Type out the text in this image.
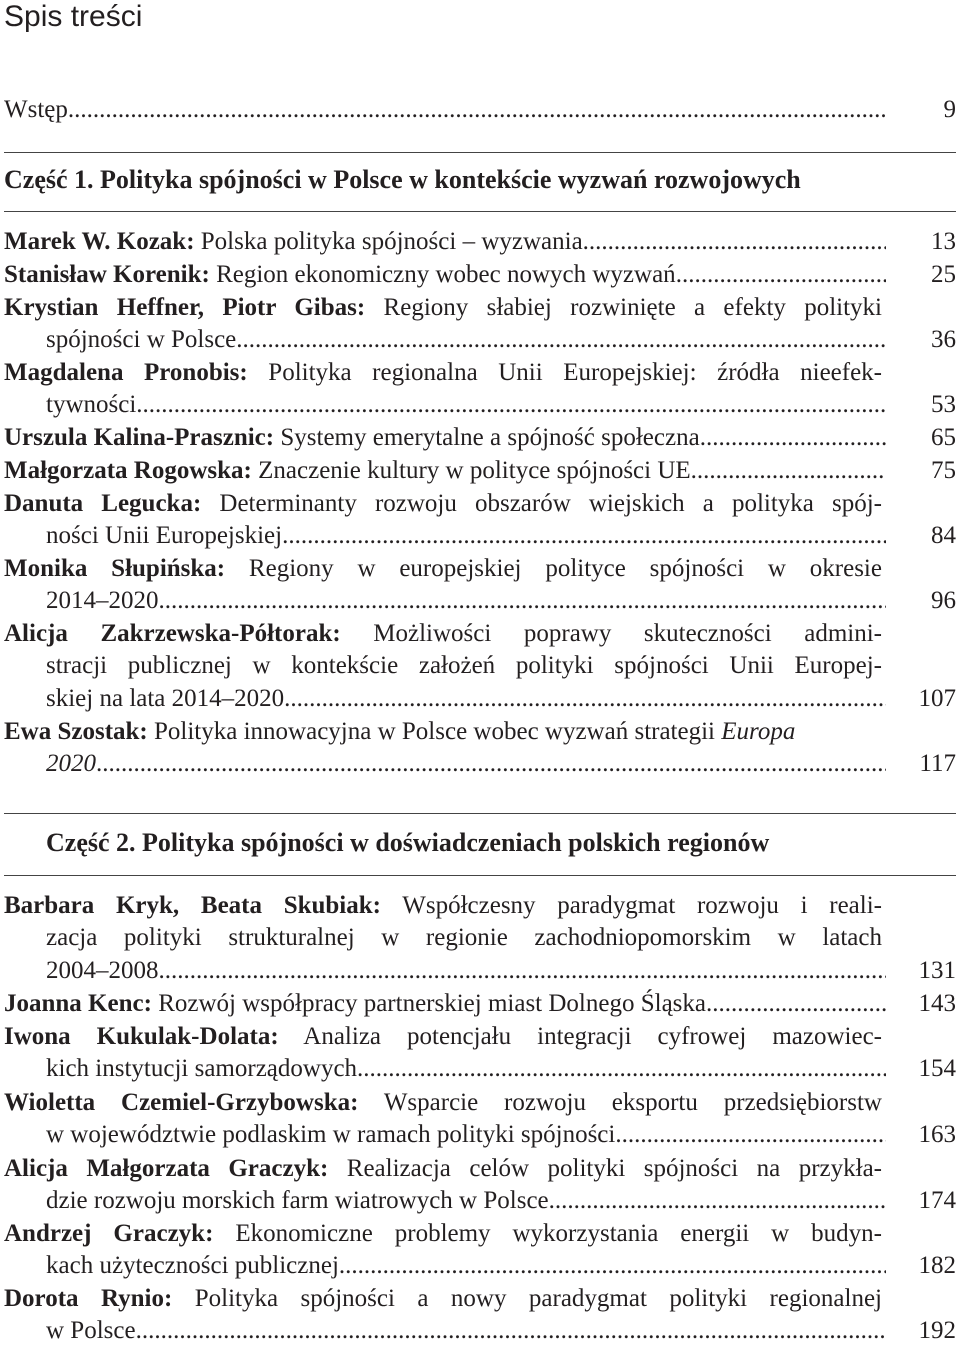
Spis treści
Wstęp .....	9
Część 1. Polityka spójności w Polsce w kontekście wyzwań rozwojowych
Marek W. Kozak: Polska polityka spójności – wyzwania .....	13
Stanisław Korenik: Region ekonomiczny wobec nowych wyzwań .....	25
Krystian Heffner, Piotr Gibas: Regiony słabiej rozwinięte a efekty polityki
spójności w Polsce .....	36
Magdalena Pronobis: Polityka regionalna Unii Europejskiej: źródła nieefek-
tywności .....	53
Urszula Kalina-Prasznic: Systemy emerytalne a spójność społeczna .....	65
Małgorzata Rogowska: Znaczenie kultury w polityce spójności UE .....	75
Danuta Legucka: Determinanty rozwoju obszarów wiejskich a polityka spój-
ności Unii Europejskiej .....	84
Monika Słupińska: Regiony w europejskiej polityce spójności w okresie
2014–2020 .....	96
Alicja Zakrzewska-Półtorak: Możliwości poprawy skuteczności admini-
stracji publicznej w kontekście założeń polityki spójności Unii Europej-
skiej na lata 2014–2020 .....	107
Ewa Szostak: Polityka innowacyjna w Polsce wobec wyzwań strategii Europa
2020 .....	117
Część 2. Polityka spójności w doświadczeniach polskich regionów
Barbara Kryk, Beata Skubiak: Współczesny paradygmat rozwoju i reali-
zacja polityki strukturalnej w regionie zachodniopomorskim w latach
2004–2008 .....	131
Joanna Kenc: Rozwój współpracy partnerskiej miast Dolnego Śląska .....	143
Iwona Kukulak-Dolata: Analiza potencjału integracji cyfrowej mazowiec-
kich instytucji samorządowych .....	154
Wioletta Czemiel-Grzybowska: Wsparcie rozwoju eksportu przedsiębiorstw
w województwie podlaskim w ramach polityki spójności .....	163
Alicja Małgorzata Graczyk: Realizacja celów polityki spójności na przykła-
dzie rozwoju morskich farm wiatrowych w Polsce .....	174
Andrzej Graczyk: Ekonomiczne problemy wykorzystania energii w budyn-
kach użyteczności publicznej .....	182
Dorota Rynio: Polityka spójności a nowy paradygmat polityki regionalnej
w Polsce .....	192
